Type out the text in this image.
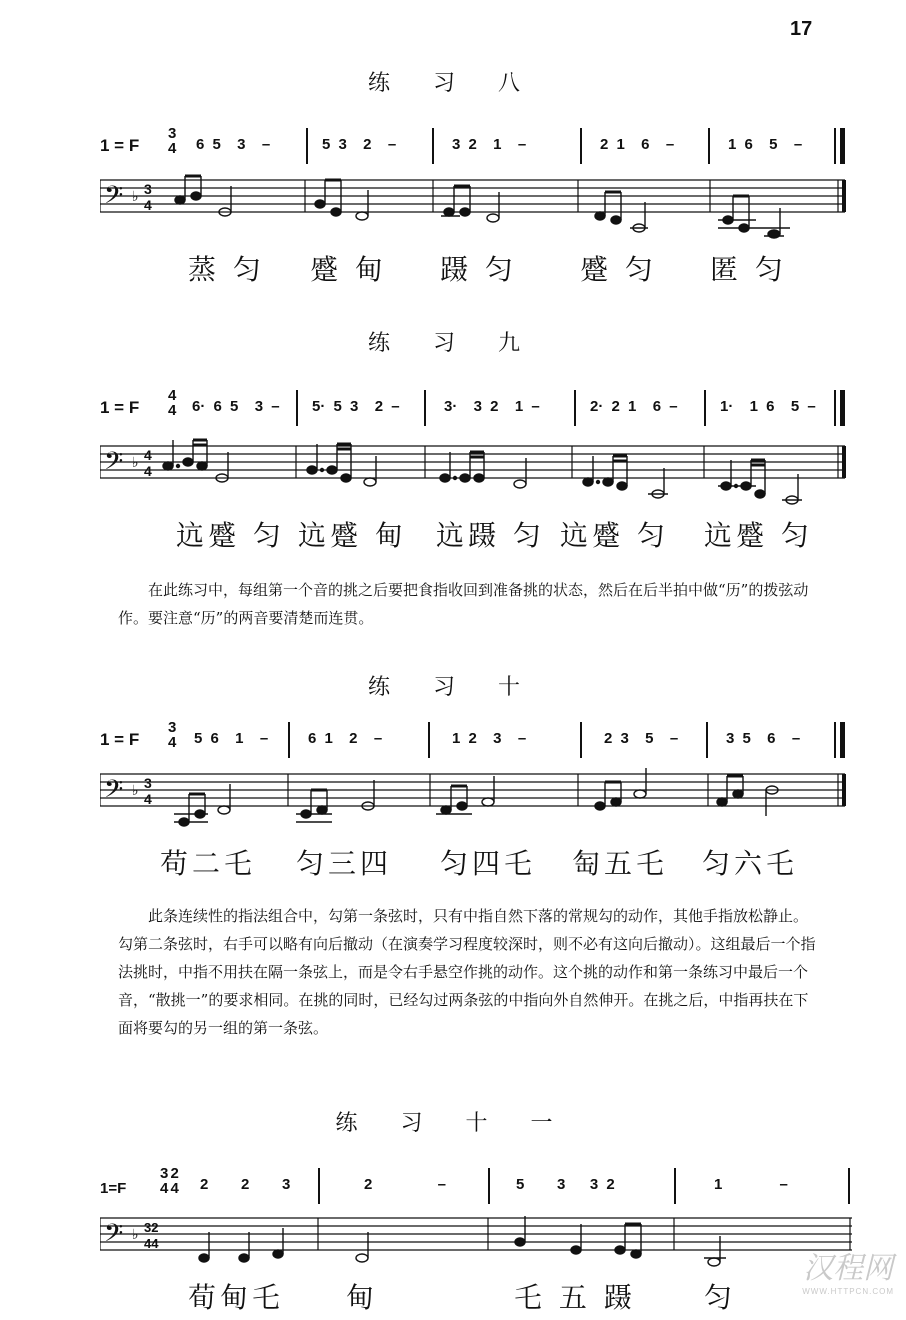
17
练 习 八
1 = F
3
4 6 5  3  –	5 3  2  –	3 2  1  –	2 1  6  –	1 6  5  –
𝄢 ♭ 3
4
蒸 匀 蹙 甸 蹑 匀 蹙 匀 匿 匀
练 习 九
1 = F
4
4 6· 6 5  3 – 5· 5 3  2 –	3·  3 2  1 –	2· 2 1  6 –	1·  1 6  5 –
𝄢 ♭ 4
4
迒蹙 匀 迒蹙 甸 迒蹑 匀 迒蹙 匀 迒蹙 匀
在此练习中，每组第一个音的挑之后要把食指收回到准备挑的状态，然后在后半拍中做“历”的拨弦动作。要注意“历”的两音要清楚而连贯。
练 习 十
1 = F
3
4 5 6  1  –	6 1  2  –	1 2  3  –	2 3  5  –	3 5  6  –
𝄢 ♭ 3
4
苟二乇 匀三四 匀四乇 匋五乇 匀六乇
此条连续性的指法组合中，勾第一条弦时，只有中指自然下落的常规勾的动作，其他手指放松静止。勾第二条弦时，右手可以略有向后撤动（在演奏学习程度较深时，则不必有这向后撤动）。这组最后一个指法挑时，中指不用扶在隔一条弦上，而是令右手悬空作挑的动作。这个挑的动作和第一条练习中最后一个音，“散挑一”的要求相同。在挑的同时，已经勾过两条弦的中指向外自然伸开。在挑之后，中指再扶在下面将要勾的另一组的第一条弦。
练 习 十 一
1=F
3 2
4 4 2    2    3	2        –	5    3   3 2	1       –
𝄢 ♭ 32
44
荀甸乇 甸	乇 五 蹑 匀
汉程网
WWW.HTTPCN.COM
